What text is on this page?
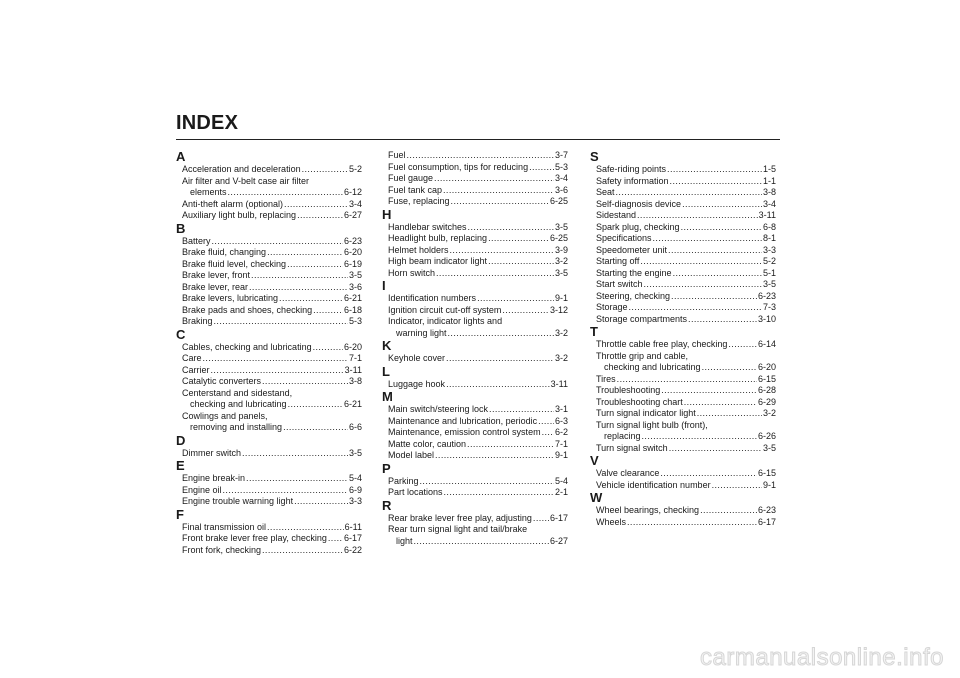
INDEX
A
Acceleration and deceleration .....	5-2
Air filter and V-belt case air filter
elements .....	6-12
Anti-theft alarm (optional) .....	3-4
Auxiliary light bulb, replacing .....	6-27
B
Battery .....	6-23
Brake fluid, changing .....	6-20
Brake fluid level, checking .....	6-19
Brake lever, front .....	3-5
Brake lever, rear .....	3-6
Brake levers, lubricating .....	6-21
Brake pads and shoes, checking .....	6-18
Braking .....	5-3
C
Cables, checking and lubricating .....	6-20
Care .....	7-1
Carrier .....	3-11
Catalytic converters .....	3-8
Centerstand and sidestand,
checking and lubricating .....	6-21
Cowlings and panels,
removing and installing .....	6-6
D
Dimmer switch .....	3-5
E
Engine break-in .....	5-4
Engine oil .....	6-9
Engine trouble warning light .....	3-3
F
Final transmission oil .....	6-11
Front brake lever free play, checking ..... 6-17
Front fork, checking .....	6-22
Fuel .....	3-7
Fuel consumption, tips for reducing .....	5-3
Fuel gauge .....	3-4
Fuel tank cap .....	3-6
Fuse, replacing .....	6-25
H
Handlebar switches .....	3-5
Headlight bulb, replacing .....	6-25
Helmet holders .....	3-9
High beam indicator light .....	3-2
Horn switch .....	3-5
I
Identification numbers .....	9-1
Ignition circuit cut-off system .....	3-12
Indicator, indicator lights and
warning light .....	3-2
K
Keyhole cover .....	3-2
L
Luggage hook .....	3-11
M
Main switch/steering lock .....	3-1
Maintenance and lubrication, periodic ..... 6-3
Maintenance, emission control system ..... 6-2
Matte color, caution .....	7-1
Model label .....	9-1
P
Parking .....	5-4
Part locations .....	2-1
R
Rear brake lever free play, adjusting ..... 6-17
Rear turn signal light and tail/brake
light .....	6-27
S
Safe-riding points .....	1-5
Safety information .....	1-1
Seat .....	3-8
Self-diagnosis device .....	3-4
Sidestand .....	3-11
Spark plug, checking .....	6-8
Specifications .....	8-1
Speedometer unit .....	3-3
Starting off .....	5-2
Starting the engine .....	5-1
Start switch .....	3-5
Steering, checking .....	6-23
Storage .....	7-3
Storage compartments .....	3-10
T
Throttle cable free play, checking .....	6-14
Throttle grip and cable,
checking and lubricating .....	6-20
Tires .....	6-15
Troubleshooting .....	6-28
Troubleshooting chart .....	6-29
Turn signal indicator light .....	3-2
Turn signal light bulb (front),
replacing .....	6-26
Turn signal switch .....	3-5
V
Valve clearance .....	6-15
Vehicle identification number .....	9-1
W
Wheel bearings, checking .....	6-23
Wheels .....	6-17
carmanualsonline.info
